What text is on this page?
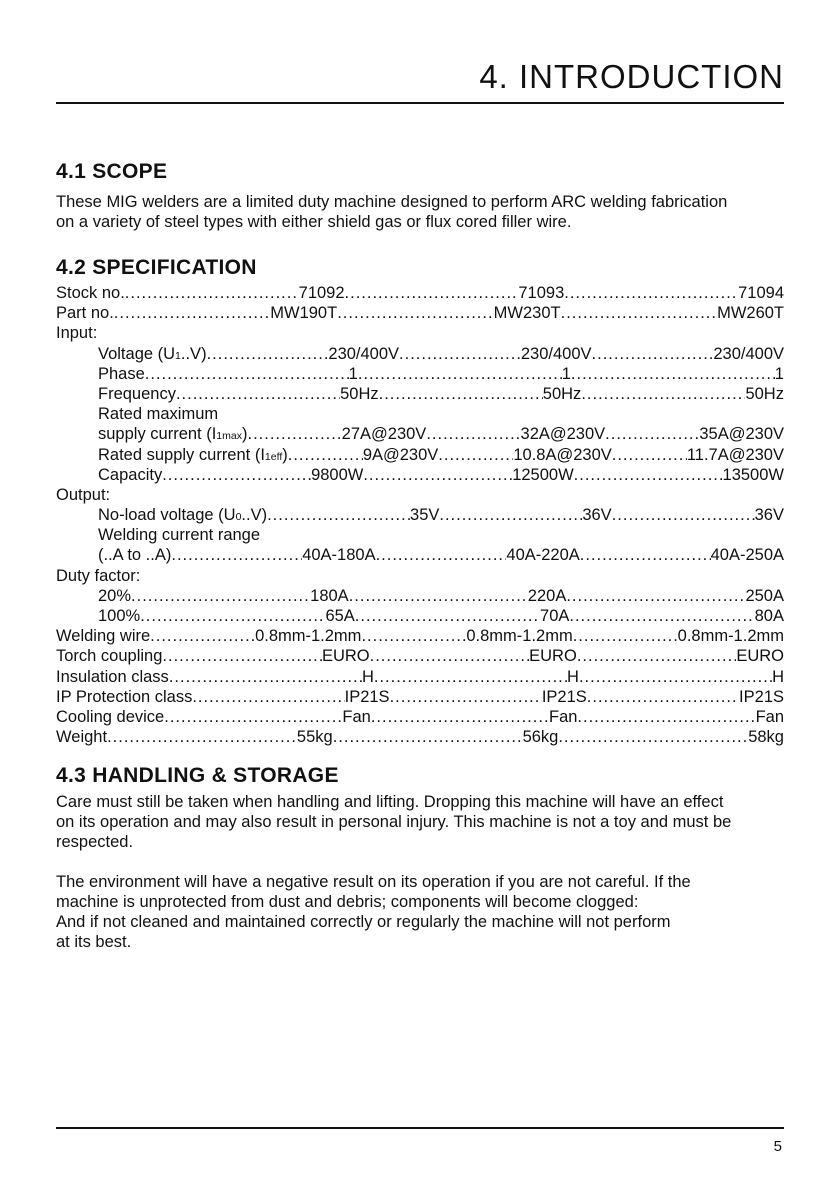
4. INTRODUCTION
4.1 SCOPE
These MIG welders are a limited duty machine designed to perform ARC welding fabrication
on a variety of steel types with either shield gas or flux cored filler wire.
4.2 SPECIFICATION
Stock no. .....	71092 .....	71093 .....	71094
Part no. .....	MW190T .....	MW230T .....	MW260T
Input:
Voltage (U1..V) .....	230/400V .....	230/400V .....	230/400V
Phase .....	1 .....	1 .....	1
Frequency .....	50Hz .....	50Hz .....	50Hz
Rated maximum
supply current (I1max) .....	27A@230V .....	32A@230V .....	35A@230V
Rated supply current (I1eff) .....	9A@230V .....	10.8A@230V .....	11.7A@230V
Capacity .....	9800W .....	12500W .....	13500W
Output:
No-load voltage (U0..V) .....	35V .....	36V .....	36V
Welding current range
(..A to ..A) .....	40A-180A .....	40A-220A .....	40A-250A
Duty factor:
20% .....	180A .....	220A .....	250A
100% .....	65A .....	70A .....	80A
Welding wire .....	0.8mm-1.2mm .....	0.8mm-1.2mm .....	0.8mm-1.2mm
Torch coupling .....	EURO .....	EURO .....	EURO
Insulation class .....	H .....	H .....	H
IP Protection class .....	IP21S .....	IP21S .....	IP21S
Cooling device .....	Fan .....	Fan .....	Fan
Weight .....	55kg .....	56kg .....	58kg
4.3 HANDLING & STORAGE
Care must still be taken when handling and lifting. Dropping this machine will have an effect
on its operation and may also result in personal injury. This machine is not a toy and must be
respected.
The environment will have a negative result on its operation if you are not careful. If the
machine is unprotected from dust and debris; components will become clogged:
And if not cleaned and maintained correctly or regularly the machine will not perform
at its best.
5
